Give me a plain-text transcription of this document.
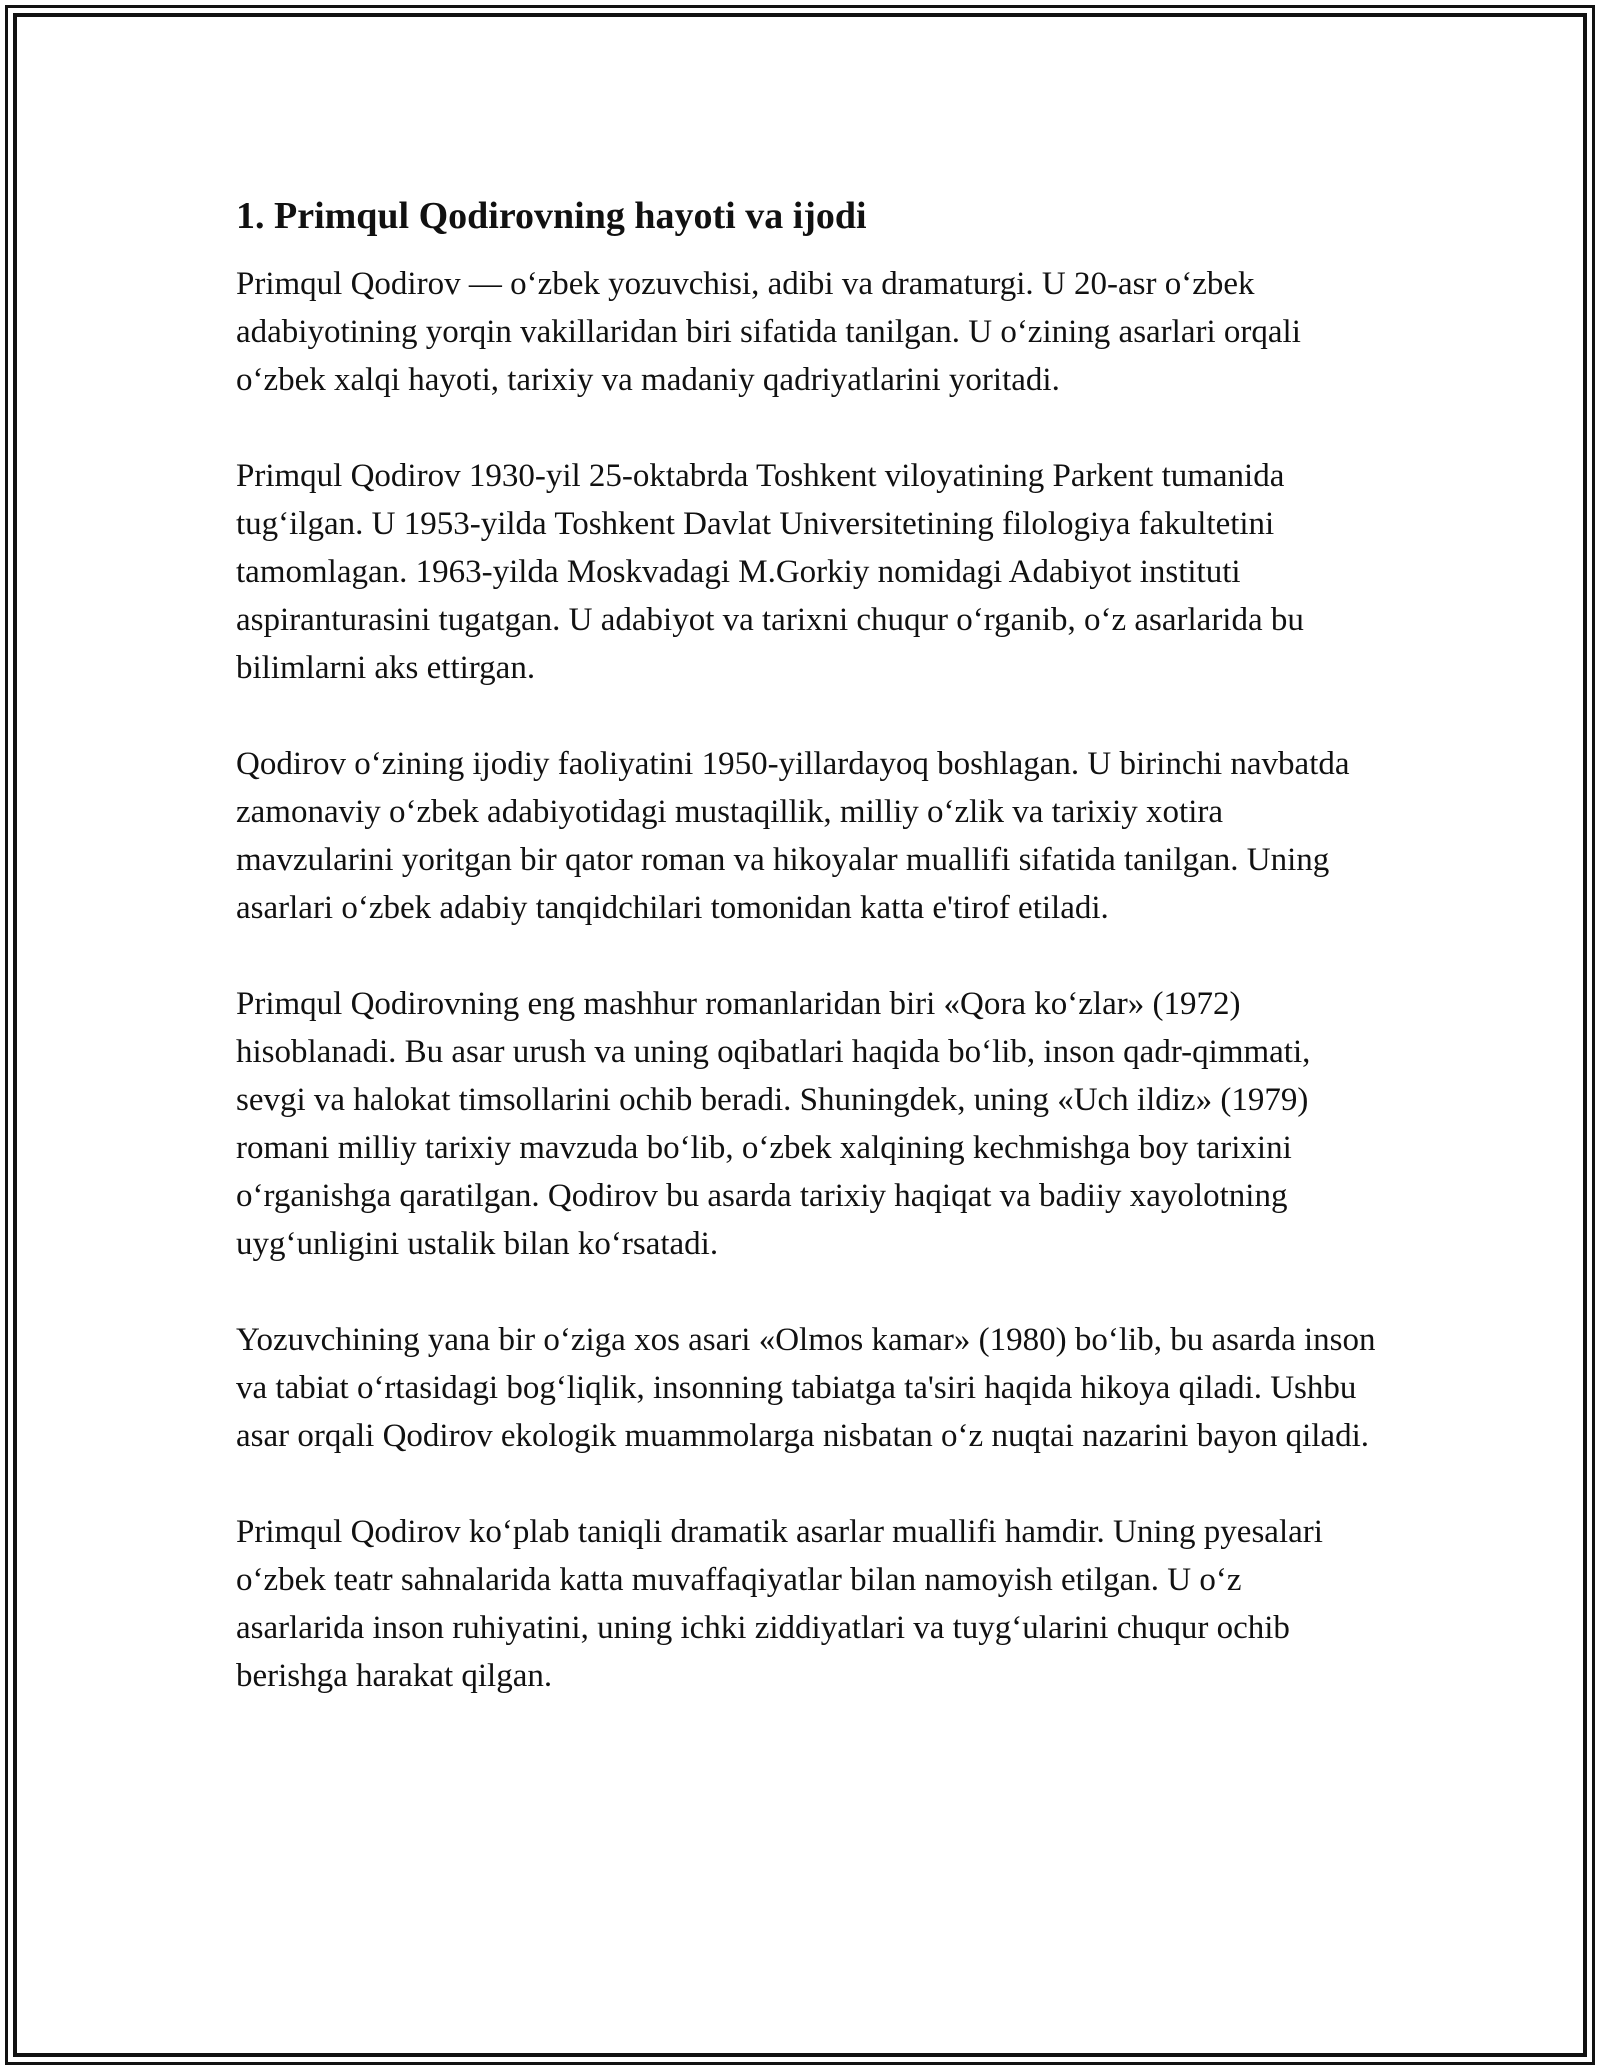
1. Primqul Qodirovning hayoti va ijodi

Primqul Qodirov — oʻzbek yozuvchisi, adibi va dramaturgi. U 20-asr oʻzbek adabiyotining yorqin vakillaridan biri sifatida tanilgan. U oʻzining asarlari orqali oʻzbek xalqi hayoti, tarixiy va madaniy qadriyatlarini yoritadi.

Primqul Qodirov 1930-yil 25-oktabrda Toshkent viloyatining Parkent tumanida tugʻilgan. U 1953-yilda Toshkent Davlat Universitetining filologiya fakultetini tamomlagan. 1963-yilda Moskvadagi M.Gorkiy nomidagi Adabiyot instituti aspiranturasini tugatgan. U adabiyot va tarixni chuqur oʻrganib, oʻz asarlarida bu bilimlarni aks ettirgan.

Qodirov oʻzining ijodiy faoliyatini 1950-yillardayoq boshlagan. U birinchi navbatda zamonaviy oʻzbek adabiyotidagi mustaqillik, milliy oʻzlik va tarixiy xotira mavzularini yoritgan bir qator roman va hikoyalar muallifi sifatida tanilgan. Uning asarlari oʻzbek adabiy tanqidchilari tomonidan katta e'tirof etiladi.

Primqul Qodirovning eng mashhur romanlaridan biri «Qora koʻzlar» (1972) hisoblanadi. Bu asar urush va uning oqibatlari haqida boʻlib, inson qadr-qimmati, sevgi va halokat timsollarini ochib beradi. Shuningdek, uning «Uch ildiz» (1979) romani milliy tarixiy mavzuda boʻlib, oʻzbek xalqining kechmishga boy tarixini oʻrganishga qaratilgan. Qodirov bu asarda tarixiy haqiqat va badiiy xayolotning uygʻunligini ustalik bilan koʻrsatadi.

Yozuvchining yana bir oʻziga xos asari «Olmos kamar» (1980) boʻlib, bu asarda inson va tabiat oʻrtasidagi bogʻliqlik, insonning tabiatga ta'siri haqida hikoya qiladi. Ushbu asar orqali Qodirov ekologik muammolarga nisbatan oʻz nuqtai nazarini bayon qiladi.

Primqul Qodirov koʻplab taniqli dramatik asarlar muallifi hamdir. Uning pyesalari oʻzbek teatr sahnalarida katta muvaffaqiyatlar bilan namoyish etilgan. U oʻz asarlarida inson ruhiyatini, uning ichki ziddiyatlari va tuygʻularini chuqur ochib berishga harakat qilgan.
